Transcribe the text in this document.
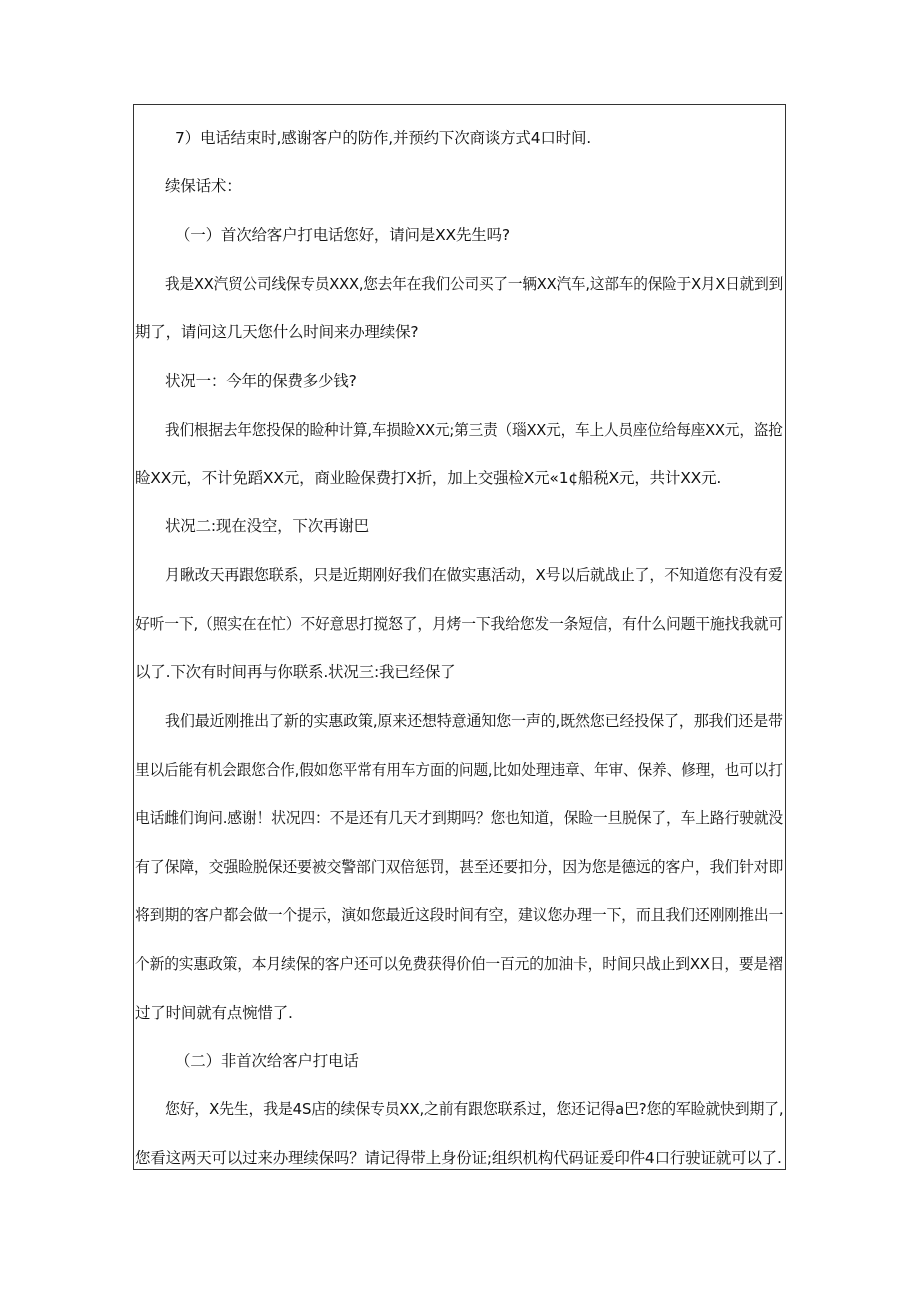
7）电话结束时,感谢客户的防作,并预约下次商谈方式4口时间.
续保话术：
（一）首次给客户打电话您好，请问是XX先生吗?
我是XX汽贸公司线保专员XXX,您去年在我们公司买了一辆XX汽车,这部车的保险于X月X日就到到
期了，请问这几天您什么时间来办理续保?
状况一：今年的保费多少钱?
我们根据去年您投保的睑种计算,车损睑XX元;第三责（瑙XX元，车上人员座位给每座XX元，盗抢
睑XX元，不计免蹈XX元，商业睑保费打X折，加上交强检X元«1¢船税X元，共计XX元.
状况二:现在没空，下次再谢巴
月瞅改天再跟您联系，只是近期刚好我们在做实惠活动，X号以后就战止了，不知道您有没有爱
好听一下,（照实在在忙）不好意思打搅怒了，月烤一下我给您发一条短信，有什么问题干施找我就可
以了.下次有时间再与你联系.状况三:我已经保了
我们最近刚推出了新的实惠政策,原来还想特意通知您一声的,既然您已经投保了，那我们还是带
里以后能有机会跟您合作,假如您平常有用车方面的问题,比如处理违章、年审、保养、修理，也可以打
电话雌们询问.感谢！状况四：不是还有几天才到期吗？您也知道，保睑一旦脱保了，车上路行驶就没
有了保障，交强睑脱保还要被交警部门双倍惩罚，甚至还要扣分，因为您是德远的客户，我们针对即
将到期的客户都会做一个提示，演如您最近这段时间有空，建议您办理一下，而且我们还刚刚推出一
个新的实惠政策，本月续保的客户还可以免费获得价伯一百元的加油卡，时间只战止到XX日，要是褶
过了时间就有点惋惜了.
（二）非首次给客户打电话
您好，X先生，我是4S店的续保专员XX,之前有跟您联系过，您还记得a巴?您的军睑就快到期了,
您看这两天可以过来办理续保吗？请记得带上身份证;组织机构代码证爰印件4口行驶证就可以了.
